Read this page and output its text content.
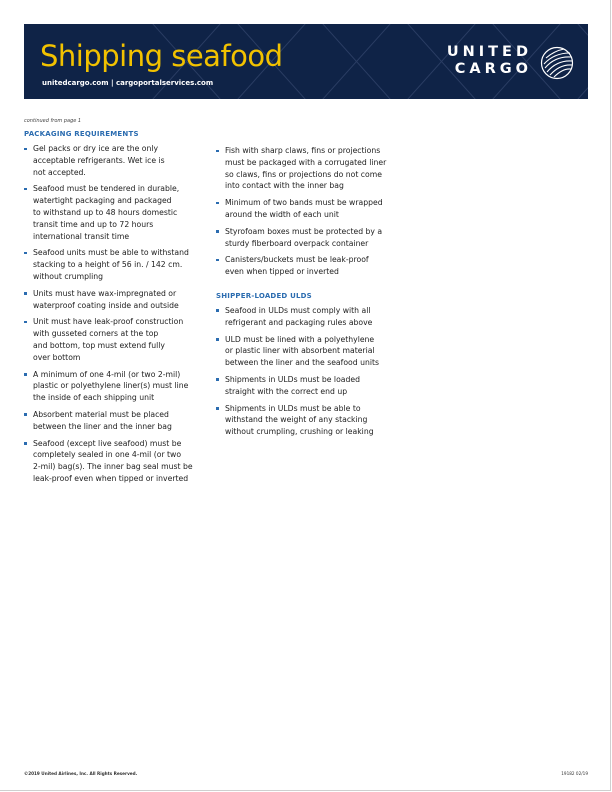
Shipping seafood
unitedcargo.com | cargoportalservices.com
UNITED
CARGO
continued from page 1
PACKAGING REQUIREMENTS
Gel packs or dry ice are the only
acceptable refrigerants. Wet ice is
not accepted.
Seafood must be tendered in durable,
watertight packaging and packaged
to withstand up to 48 hours domestic
transit time and up to 72 hours
international transit time
Seafood units must be able to withstand
stacking to a height of 56 in. / 142 cm.
without crumpling
Units must have wax-impregnated or
waterproof coating inside and outside
Unit must have leak-proof construction
with gusseted corners at the top
and bottom, top must extend fully
over bottom
A minimum of one 4-mil (or two 2-mil)
plastic or polyethylene liner(s) must line
the inside of each shipping unit
Absorbent material must be placed
between the liner and the inner bag
Seafood (except live seafood) must be
completely sealed in one 4-mil (or two
2-mil) bag(s). The inner bag seal must be
leak-proof even when tipped or inverted
Fish with sharp claws, fins or projections
must be packaged with a corrugated liner
so claws, fins or projections do not come
into contact with the inner bag
Minimum of two bands must be wrapped
around the width of each unit
Styrofoam boxes must be protected by a
sturdy fiberboard overpack container
Canisters/buckets must be leak-proof
even when tipped or inverted
SHIPPER-LOADED ULDS
Seafood in ULDs must comply with all
refrigerant and packaging rules above
ULD must be lined with a polyethylene
or plastic liner with absorbent material
between the liner and the seafood units
Shipments in ULDs must be loaded
straight with the correct end up
Shipments in ULDs must be able to
withstand the weight of any stacking
without crumpling, crushing or leaking
©2019 United Airlines, Inc. All Rights Reserved.	19182 02/19
